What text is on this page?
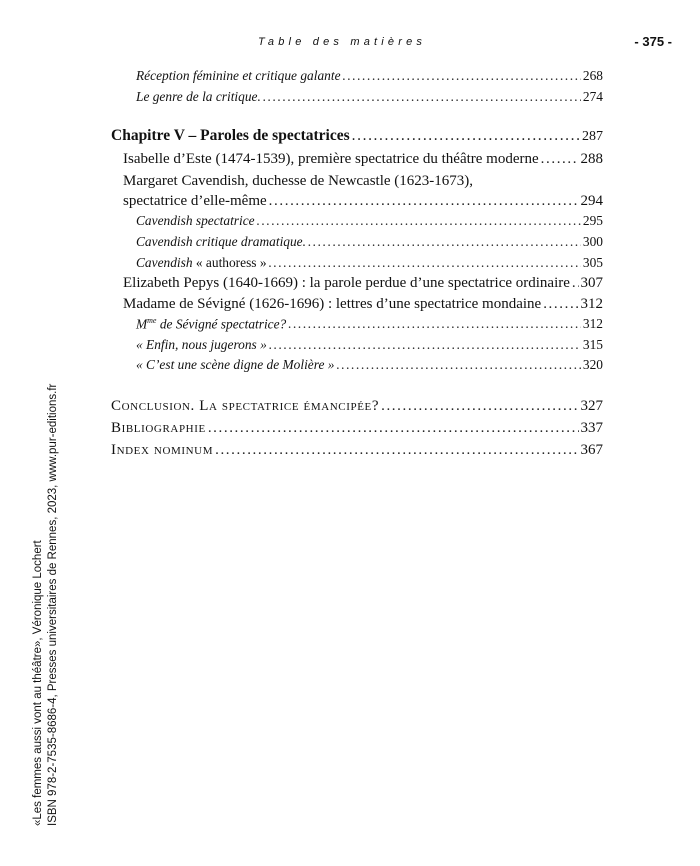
Table des matières	- 375 -
Réception féminine et critique galante .....	268
Le genre de la critique. .....	274
Chapitre V – Paroles de spectatrices .....	287
Isabelle d’Este (1474-1539), première spectatrice du théâtre moderne .....	288
Margaret Cavendish, duchesse de Newcastle (1623-1673),
spectatrice d’elle-même .....	294
Cavendish spectatrice .....	295
Cavendish critique dramatique. .....	300
Cavendish « authoress » .....	305
Elizabeth Pepys (1640-1669) : la parole perdue d’une spectatrice ordinaire ..... 307
Madame de Sévigné (1626-1696) : lettres d’une spectatrice mondaine .....	312
$M^{me}$ de Sévigné spectatrice? .....	312
« Enfin, nous jugerons » .....	315
« C’est une scène digne de Molière » .....	320
Conclusion. La spectatrice émancipée? .....	327
Bibliographie .....	337
Index nominum .....	367
«Les femmes aussi vont au théâtre», Véronique Lochert ISBN 978-2-7535-8686-4, Presses universitaires de Rennes, 2023, www.pur-editions.fr
